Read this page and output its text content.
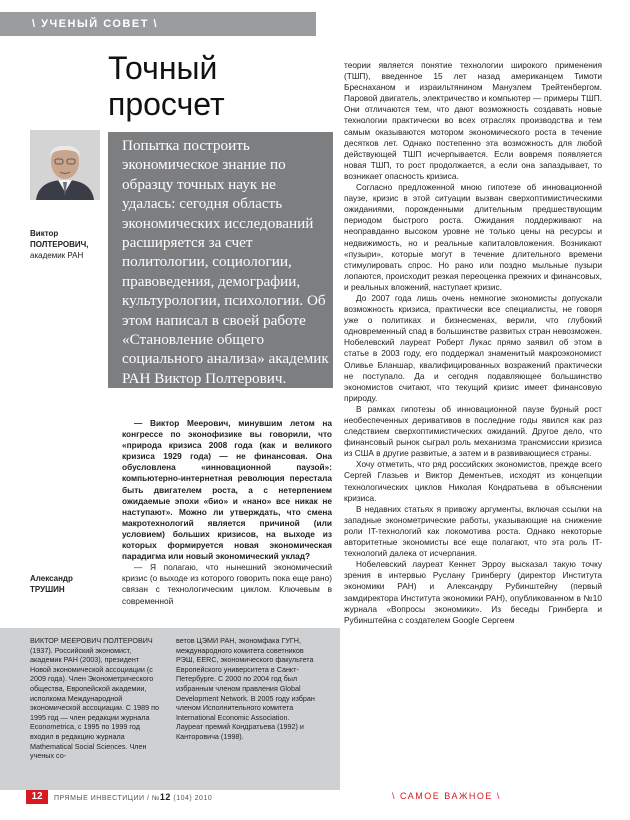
\ УЧЕНЫЙ СОВЕТ \
Точный
просчет
Виктор
ПОЛТЕРОВИЧ,
академик РАН
Попытка построить экономическое знание по образцу точных наук не удалась: сегодня область экономических исследований расширяется за счет политологии, социологии, правоведения, демографии, культурологии, психологии. Об этом написал в своей работе «Становление общего социального анализа» академик РАН Виктор Полтерович.

— Виктор Меерович, минувшим летом на конгрессе по эконофизике вы говорили, что «природа кризиса 2008 года (как и великого кризиса 1929 года) — не финансовая. Она обусловлена «инновационной паузой»: компьютерно-интернетная революция перестала быть двигателем роста, а с нетерпением ожидаемые эпохи «био» и «нано» все никак не наступают». Можно ли утверждать, что смена макротехнологий является причиной (или условием) больших кризисов, на выходе из которых формируется новая экономическая парадигма или новый экономический уклад?

— Я полагаю, что нынешний экономический кризис (о выходе из которого говорить пока еще рано) связан с технологическим циклом. Ключевым в современной

Александр
ТРУШИН

теории является понятие технологии широкого применения (ТШП), введенное 15 лет назад американцем Тимоти Бреснаханом и израильтянином Мануэлем Трейтенбергом. Паровой двигатель, электричество и компьютер — примеры ТШП. Они отличаются тем, что дают возможность создавать новые технологии практически во всех отраслях производства и тем самым оказываются мотором экономического роста в течение десятков лет. Однако постепенно эта возможность для любой действующей ТШП исчерпывается. Если вовремя появляется новая ТШП, то рост продолжается, а если она запаздывает, то возникает опасность кризиса.

Согласно предложенной мною гипотезе об инновационной паузе, кризис в этой ситуации вызван сверхоптимистическими ожиданиями, порожденными длительным предшествующим периодом быстрого роста. Ожидания поддерживают на неоправданно высоком уровне не только цены на ресурсы и недвижимость, но и реальные капиталовложения. Возникают «пузыри», которые могут в течение длительного времени стимулировать спрос. Но рано или поздно мыльные пузыри лопаются, происходит резкая переоценка прежних и финансовых, и реальных вложений, наступает кризис.

До 2007 года лишь очень немногие экономисты допускали возможность кризиса, практически все специалисты, не говоря уже о политиках и бизнесменах, верили, что глубокий одновременный спад в большинстве развитых стран невозможен. Нобелевский лауреат Роберт Лукас прямо заявил об этом в статье в 2003 году, его поддержал знаменитый макроэкономист Оливье Бланшар, квалифицированных возражений практически не поступало. Да и сегодня подавляющее большинство экономистов считают, что текущий кризис имеет финансовую природу.

В рамках гипотезы об инновационной паузе бурный рост необеспеченных деривативов в последние годы явился как раз следствием сверхоптимистических ожиданий. Другое дело, что финансовый рынок сыграл роль механизма трансмиссии кризиса из США в другие развитые, а затем и в развивающиеся страны.

Хочу отметить, что ряд российских экономистов, прежде всего Сергей Глазьев и Виктор Дементьев, исходят из концепции технологических циклов Николая Кондратьева в объяснении кризиса.

В недавних статьях я привожу аргументы, включая ссылки на западные эконометрические работы, указывающие на снижение роли IT-технологий как локомотива роста. Однако некоторые авторитетные экономисты все еще полагают, что эта роль IT-технологий далека от исчерпания.

Нобелевский лауреат Кеннет Эрроу высказал такую точку зрения в интервью Руслану Гринбергу (директор Института экономики РАН) и Александру Рубинштейну (первый замдиректора Института экономики РАН), опубликованном в №10 журнала «Вопросы экономики». Из беседы Гринберга и Рубинштейна с создателем Google Сергеем

ВИКТОР МЕЕРОВИЧ ПОЛТЕРОВИЧ (1937). Российский экономист, академик РАН (2003), президент Новой экономической ассоциации (с 2009 года). Член Эконометрического общества, Европейской академии, исполкома Международной экономической ассоциации. С 1989 по 1995 год — член редакции журнала Econometrica, с 1995 по 1999 год входил в редакцию журнала Mathematical Social Sciences. Член ученых со-
ветов ЦЭМИ РАН, экономфака ГУГН, международного комитета советников РЭШ, EERC, экономического факультета Европейского университета в Санкт-Петербурге. С 2000 по 2004 год был избранным членом правления Global Development Network. В 2005 году избран членом Исполнительного комитета International Economic Association. Лауреат премий Кондратьева (1992) и Канторовича (1998).
12	ПРЯМЫЕ ИНВЕСТИЦИИ / №12 (104) 2010	\ САМОЕ ВАЖНОЕ \
